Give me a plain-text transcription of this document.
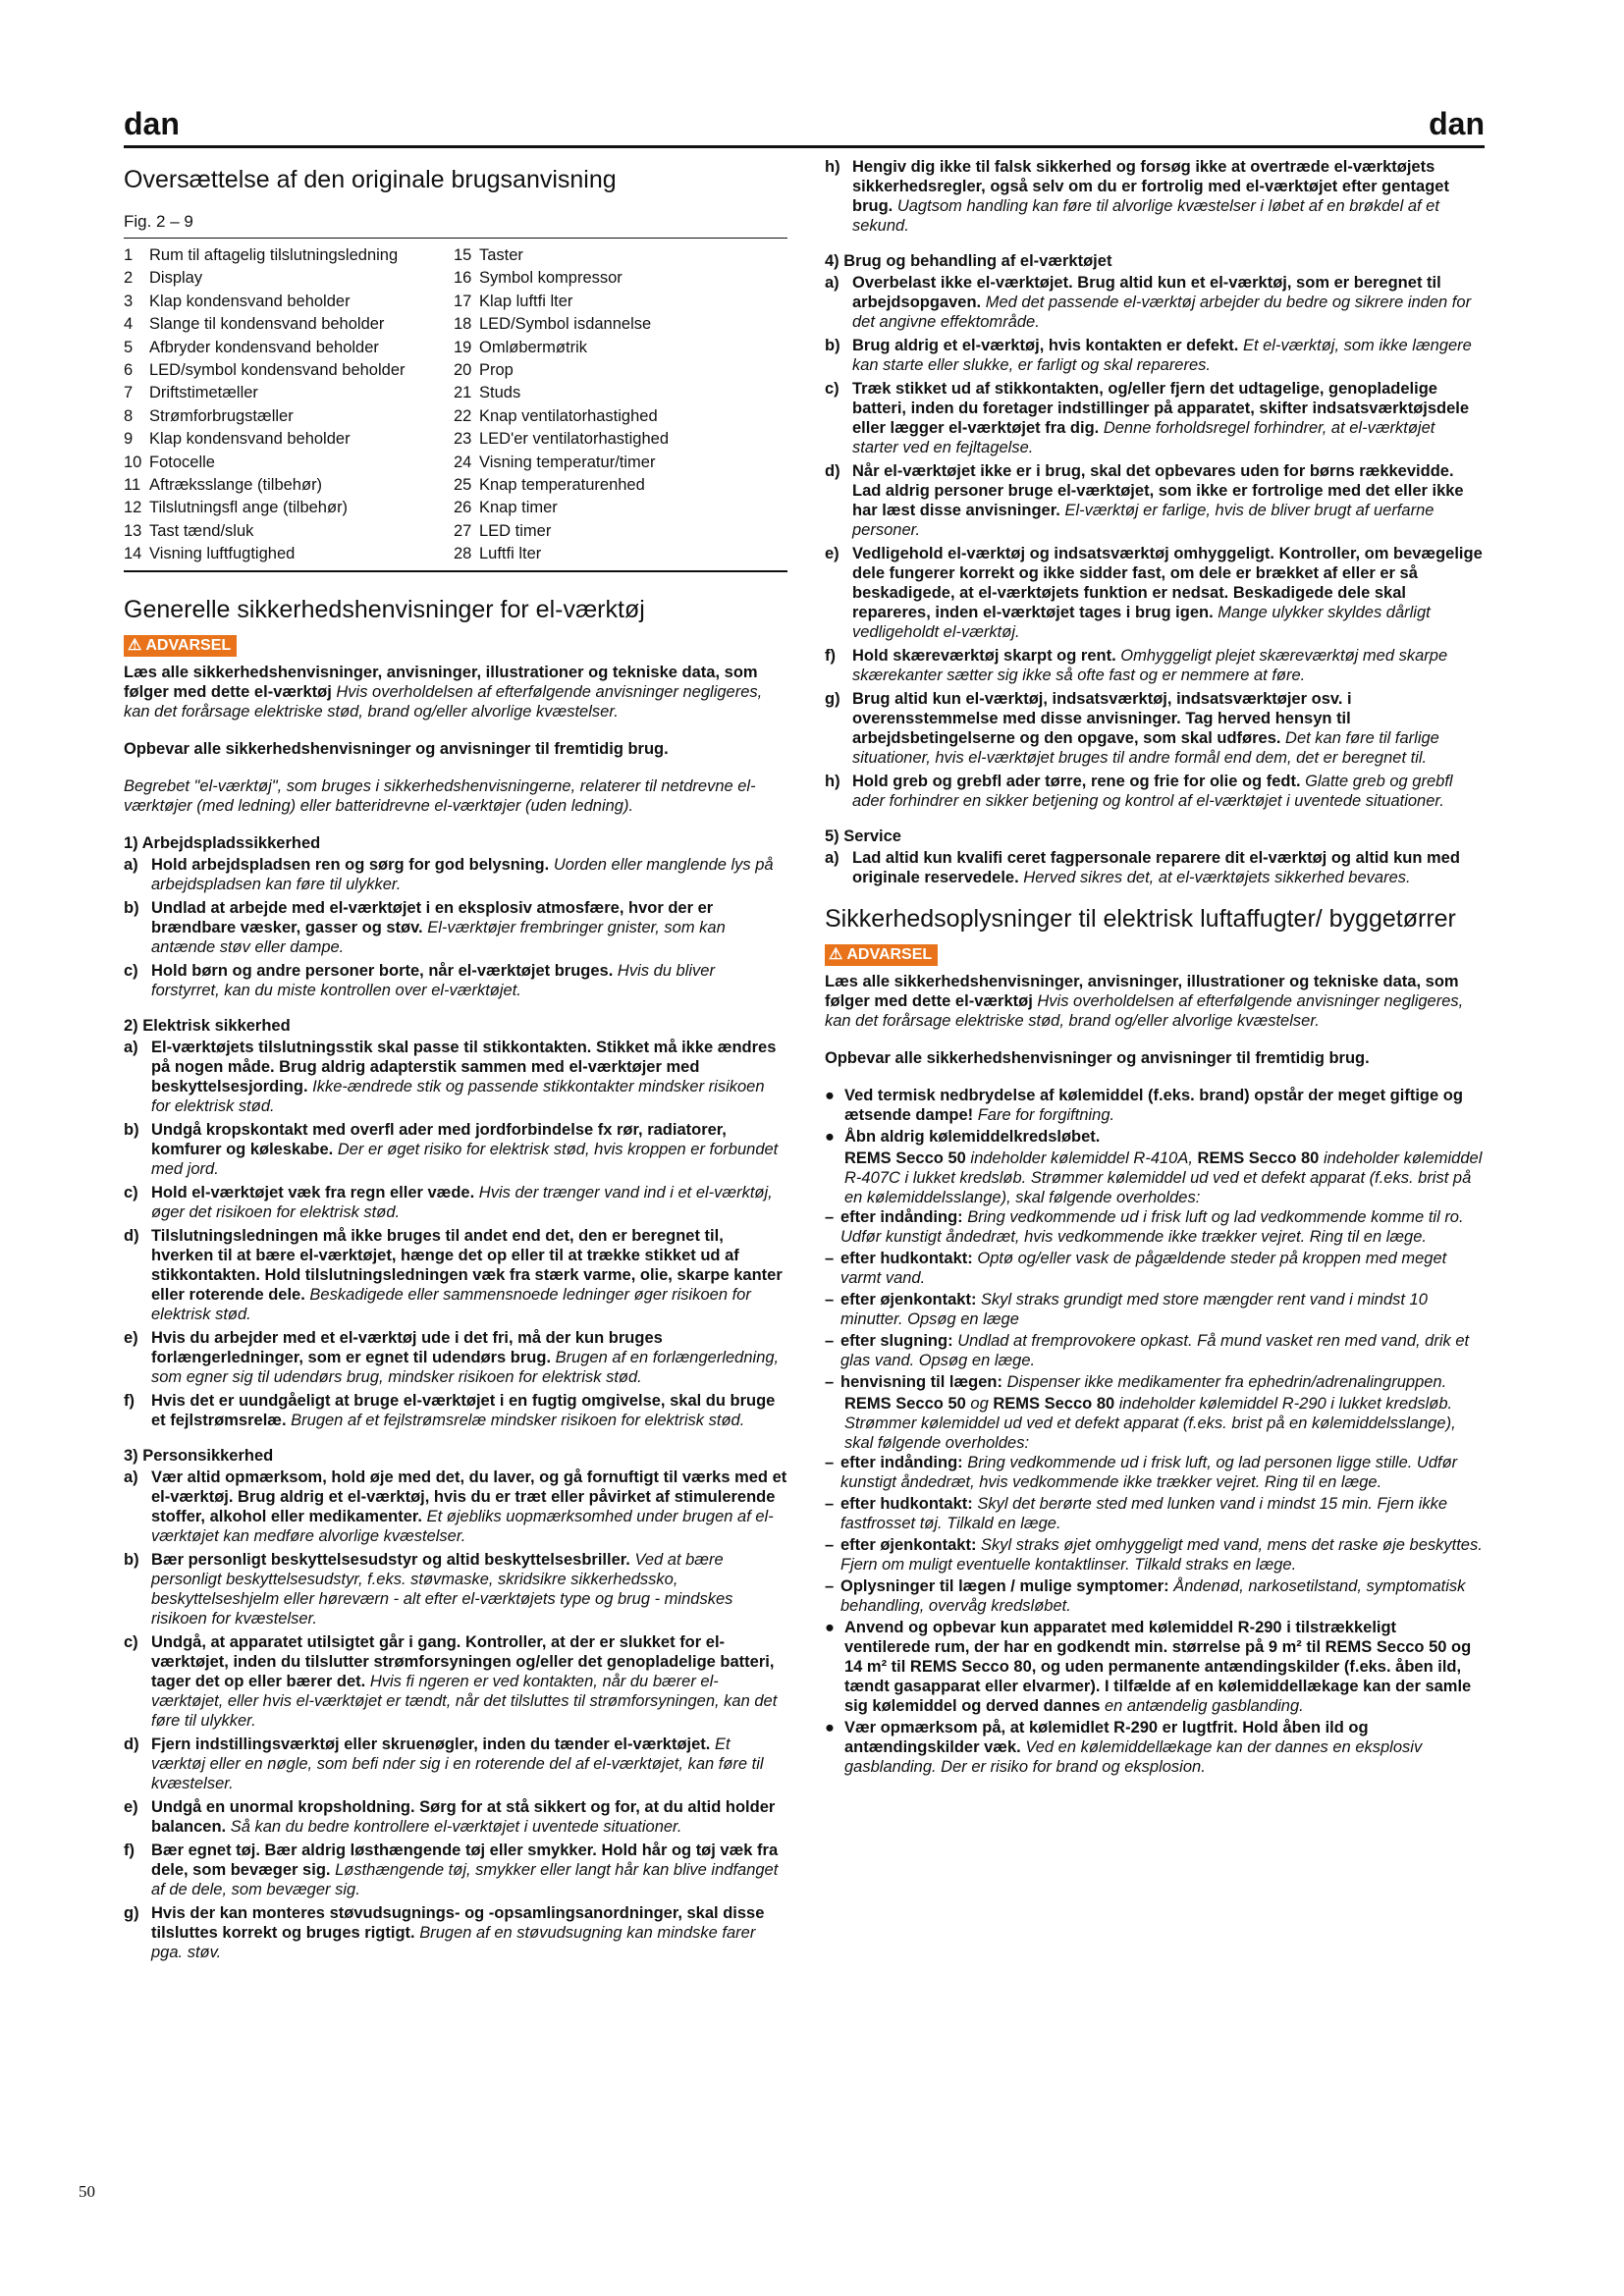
dan	dan
Oversættelse af den originale brugsanvisning
Fig. 2 – 9
1	Rum til aftagelig tilslutningsledning	15 Taster
2	Display	16 Symbol kompressor
3	Klap kondensvand beholder	17 Klap luftfi lter
4	Slange til kondensvand beholder	18 LED/Symbol isdannelse
5	Afbryder kondensvand beholder	19 Omløbermøtrik
6	LED/symbol kondensvand beholder	20 Prop
7	Driftstimetæller	21 Studs
8	Strømforbrugstæller	22 Knap ventilatorhastighed
9	Klap kondensvand beholder	23 LED'er ventilatorhastighed
10 Fotocelle	24 Visning temperatur/timer
11 Aftræksslange (tilbehør)	25 Knap temperaturenhed
12 Tilslutningsfl ange (tilbehør)	26 Knap timer
13 Tast tænd/sluk	27 LED timer
14 Visning luftfugtighed	28 Luftfi lter
Generelle sikkerhedshenvisninger for el-værktøj
⚠ ADVARSEL

Læs alle sikkerhedshenvisninger, anvisninger, illustrationer og tekniske data, som følger med dette el-værktøj Hvis overholdelsen af efterfølgende anvisninger negligeres, kan det forårsage elektriske stød, brand og/eller alvorlige kvæstelser.

Opbevar alle sikkerhedshenvisninger og anvisninger til fremtidig brug.

Begrebet "el-værktøj", som bruges i sikkerhedshenvisningerne, relaterer til netdrevne el-værktøjer (med ledning) eller batteridrevne el-værktøjer (uden ledning).

1) Arbejdspladssikkerhed
a) Hold arbejdspladsen ren og sørg for god belysning. Uorden eller manglende lys på arbejdspladsen kan føre til ulykker.
b) Undlad at arbejde med el-værktøjet i en eksplosiv atmosfære, hvor der er brændbare væsker, gasser og støv. El-værktøjer frembringer gnister, som kan antænde støv eller dampe.
c) Hold børn og andre personer borte, når el-værktøjet bruges. Hvis du bliver forstyrret, kan du miste kontrollen over el-værktøjet.
2) Elektrisk sikkerhed
a) El-værktøjets tilslutningsstik skal passe til stikkontakten. Stikket må ikke ændres på nogen måde. Brug aldrig adapterstik sammen med el-værktøjer med beskyttelsesjording. Ikke-ændrede stik og passende stikkontakter mindsker risikoen for elektrisk stød.
b) Undgå kropskontakt med overfl ader med jordforbindelse fx rør, radiatorer, komfurer og køleskabe. Der er øget risiko for elektrisk stød, hvis kroppen er forbundet med jord.
c) Hold el-værktøjet væk fra regn eller væde. Hvis der trænger vand ind i et el-værktøj, øger det risikoen for elektrisk stød.
d) Tilslutningsledningen må ikke bruges til andet end det, den er beregnet til, hverken til at bære el-værktøjet, hænge det op eller til at trække stikket ud af stikkontakten. Hold tilslutningsledningen væk fra stærk varme, olie, skarpe kanter eller roterende dele. Beskadigede eller sammensnoede ledninger øger risikoen for elektrisk stød.
e) Hvis du arbejder med et el-værktøj ude i det fri, må der kun bruges forlængerledninger, som er egnet til udendørs brug. Brugen af en forlængerledning, som egner sig til udendørs brug, mindsker risikoen for elektrisk stød.
f)	Hvis det er uundgåeligt at bruge el-værktøjet i en fugtig omgivelse, skal du bruge et fejlstrømsrelæ. Brugen af et fejlstrømsrelæ mindsker risikoen for elektrisk stød.
3) Personsikkerhed
a) Vær altid opmærksom, hold øje med det, du laver, og gå fornuftigt til værks med et el-værktøj. Brug aldrig et el-værktøj, hvis du er træt eller påvirket af stimulerende stoffer, alkohol eller medikamenter. Et øjebliks uopmærksomhed under brugen af el-værktøjet kan medføre alvorlige kvæstelser.
b) Bær personligt beskyttelsesudstyr og altid beskyttelsesbriller. Ved at bære personligt beskyttelsesudstyr, f.eks. støvmaske, skridsikre sikkerhedssko, beskyttelseshjelm eller høreværn - alt efter el-værktøjets type og brug - mindskes risikoen for kvæstelser.
c) Undgå, at apparatet utilsigtet går i gang. Kontroller, at der er slukket for el-værktøjet, inden du tilslutter strømforsyningen og/eller det genopladelige batteri, tager det op eller bærer det. Hvis fi ngeren er ved kontakten, når du bærer el-værktøjet, eller hvis el-værktøjet er tændt, når det tilsluttes til strømforsyningen, kan det føre til ulykker.
d) Fjern indstillingsværktøj eller skruenøgler, inden du tænder el-værktøjet. Et værktøj eller en nøgle, som befi nder sig i en roterende del af el-værktøjet, kan føre til kvæstelser.
e) Undgå en unormal kropsholdning. Sørg for at stå sikkert og for, at du altid holder balancen. Så kan du bedre kontrollere el-værktøjet i uventede situationer.
f)	Bær egnet tøj. Bær aldrig løsthængende tøj eller smykker. Hold hår og tøj væk fra dele, som bevæger sig. Løsthængende tøj, smykker eller langt hår kan blive indfanget af de dele, som bevæger sig.
g) Hvis der kan monteres støvudsugnings- og -opsamlingsanordninger, skal disse tilsluttes korrekt og bruges rigtigt. Brugen af en støvudsugning kan mindske farer pga. støv.
h) Hengiv dig ikke til falsk sikkerhed og forsøg ikke at overtræde el-værktøjets sikkerhedsregler, også selv om du er fortrolig med el-værktøjet efter gentaget brug. Uagtsom handling kan føre til alvorlige kvæstelser i løbet af en brøkdel af et sekund.
4) Brug og behandling af el-værktøjet
a) Overbelast ikke el-værktøjet. Brug altid kun et el-værktøj, som er beregnet til arbejdsopgaven. Med det passende el-værktøj arbejder du bedre og sikrere inden for det angivne effektområde.
b) Brug aldrig et el-værktøj, hvis kontakten er defekt. Et el-værktøj, som ikke længere kan starte eller slukke, er farligt og skal repareres.
c) Træk stikket ud af stikkontakten, og/eller fjern det udtagelige, genopladelige batteri, inden du foretager indstillinger på apparatet, skifter indsatsværktøjsdele eller lægger el-værktøjet fra dig. Denne forholdsregel forhindrer, at el-værktøjet starter ved en fejltagelse.
d) Når el-værktøjet ikke er i brug, skal det opbevares uden for børns rækkevidde. Lad aldrig personer bruge el-værktøjet, som ikke er fortrolige med det eller ikke har læst disse anvisninger. El-værktøj er farlige, hvis de bliver brugt af uerfarne personer.
e) Vedligehold el-værktøj og indsatsværktøj omhyggeligt. Kontroller, om bevægelige dele fungerer korrekt og ikke sidder fast, om dele er brækket af eller er så beskadigede, at el-værktøjets funktion er nedsat. Beskadigede dele skal repareres, inden el-værktøjet tages i brug igen. Mange ulykker skyldes dårligt vedligeholdt el-værktøj.
f)	Hold skæreværktøj skarpt og rent. Omhyggeligt plejet skæreværktøj med skarpe skærekanter sætter sig ikke så ofte fast og er nemmere at føre.
g) Brug altid kun el-værktøj, indsatsværktøj, indsatsværktøjer osv. i overensstemmelse med disse anvisninger. Tag herved hensyn til arbejdsbetingelserne og den opgave, som skal udføres. Det kan føre til farlige situationer, hvis el-værktøjet bruges til andre formål end dem, det er beregnet til.
h) Hold greb og grebfl ader tørre, rene og frie for olie og fedt. Glatte greb og grebfl ader forhindrer en sikker betjening og kontrol af el-værktøjet i uventede situationer.
5) Service
a) Lad altid kun kvalifi ceret fagpersonale reparere dit el-værktøj og altid kun med originale reservedele. Herved sikres det, at el-værktøjets sikkerhed bevares.
Sikkerhedsoplysninger til elektrisk luftaffugter/ byggetørrer
⚠ ADVARSEL

Læs alle sikkerhedshenvisninger, anvisninger, illustrationer og tekniske data, som følger med dette el-værktøj Hvis overholdelsen af efterfølgende anvisninger negligeres, kan det forårsage elektriske stød, brand og/eller alvorlige kvæstelser.

Opbevar alle sikkerhedshenvisninger og anvisninger til fremtidig brug.

● Ved termisk nedbrydelse af kølemiddel (f.eks. brand) opstår der meget giftige og ætsende dampe! Fare for forgiftning.
● Åbn aldrig kølemiddelkredsløbet.
REMS Secco 50 indeholder kølemiddel R-410A, REMS Secco 80 indeholder kølemiddel R-407C i lukket kredsløb. Strømmer kølemiddel ud ved et defekt apparat (f.eks. brist på en kølemiddelsslange), skal følgende overholdes:
– efter indånding: Bring vedkommende ud i frisk luft og lad vedkommende komme til ro. Udfør kunstigt åndedræt, hvis vedkommende ikke trækker vejret. Ring til en læge.
– efter hudkontakt: Optø og/eller vask de pågældende steder på kroppen med meget varmt vand.
– efter øjenkontakt: Skyl straks grundigt med store mængder rent vand i mindst 10 minutter. Opsøg en læge
– efter slugning: Undlad at fremprovokere opkast. Få mund vasket ren med vand, drik et glas vand. Opsøg en læge.
– henvisning til lægen: Dispenser ikke medikamenter fra ephedrin/adrenalingruppen.
REMS Secco 50 og REMS Secco 80 indeholder kølemiddel R-290 i lukket kredsløb. Strømmer kølemiddel ud ved et defekt apparat (f.eks. brist på en kølemiddelsslange), skal følgende overholdes:
– efter indånding: Bring vedkommende ud i frisk luft, og lad personen ligge stille. Udfør kunstigt åndedræt, hvis vedkommende ikke trækker vejret. Ring til en læge.
– efter hudkontakt: Skyl det berørte sted med lunken vand i mindst 15 min. Fjern ikke fastfrosset tøj. Tilkald en læge.
– efter øjenkontakt: Skyl straks øjet omhyggeligt med vand, mens det raske øje beskyttes. Fjern om muligt eventuelle kontaktlinser. Tilkald straks en læge.
– Oplysninger til lægen / mulige symptomer: Åndenød, narkosetilstand, symptomatisk behandling, overvåg kredsløbet.
● Anvend og opbevar kun apparatet med kølemiddel R-290 i tilstrækkeligt ventilerede rum, der har en godkendt min. størrelse på 9 m² til REMS Secco 50 og 14 m² til REMS Secco 80, og uden permanente antændingskilder (f.eks. åben ild, tændt gasapparat eller elvarmer). I tilfælde af en kølemiddellækage kan der samle sig kølemiddel og derved dannes en antændelig gasblanding.
● Vær opmærksom på, at kølemidlet R-290 er lugtfrit. Hold åben ild og antændingskilder væk. Ved en kølemiddellækage kan der dannes en eksplosiv gasblanding. Der er risiko for brand og eksplosion.
50
